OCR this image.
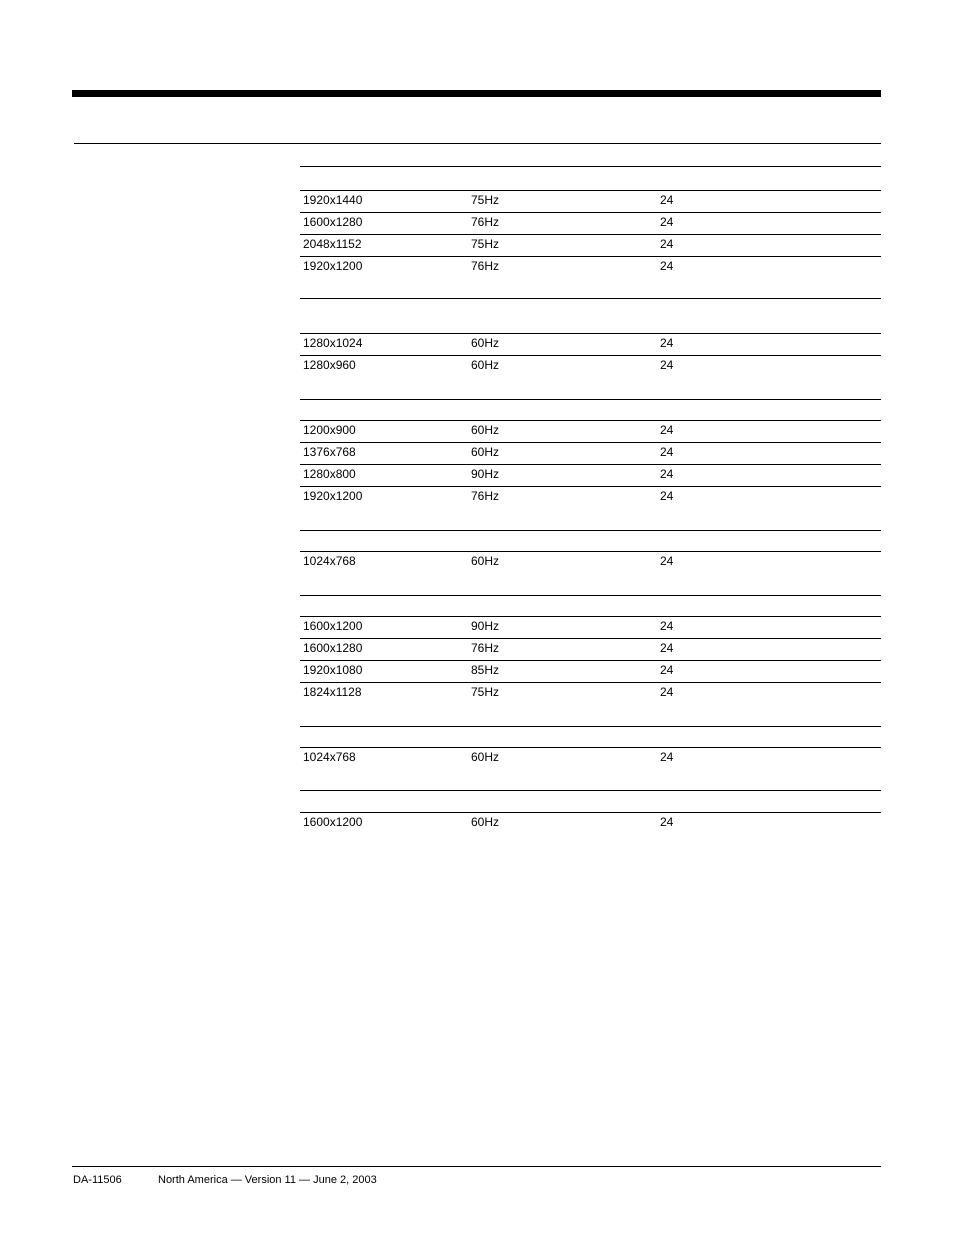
1920x1440	75Hz	24
1600x1280	76Hz	24
2048x1152	75Hz	24
1920x1200	76Hz	24
1280x1024	60Hz	24
1280x960	60Hz	24
1200x900	60Hz	24
1376x768	60Hz	24
1280x800	90Hz	24
1920x1200	76Hz	24
1024x768	60Hz	24
1600x1200	90Hz	24
1600x1280	76Hz	24
1920x1080	85Hz	24
1824x1128	75Hz	24
1024x768	60Hz	24
1600x1200	60Hz	24
DA-11506	North America — Version 11 — June 2, 2003
